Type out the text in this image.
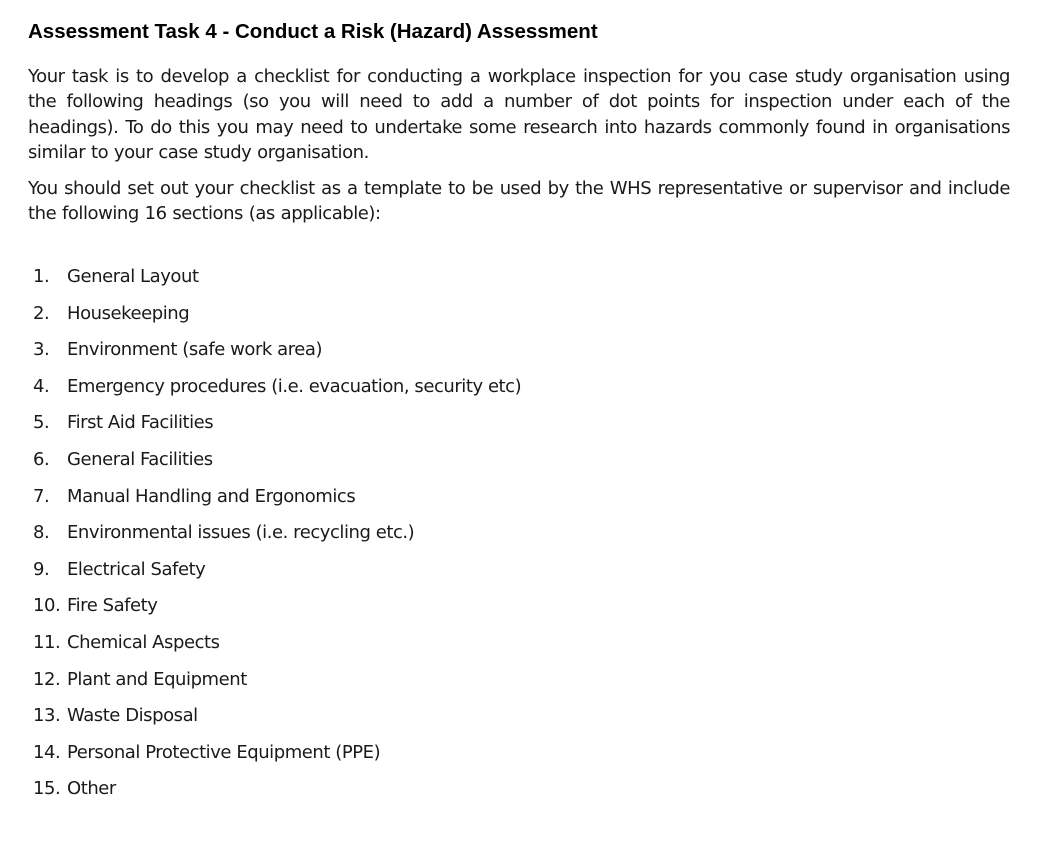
Assessment Task 4 - Conduct a Risk (Hazard) Assessment

Your task is to develop a checklist for conducting a workplace inspection for you case study organisation using the following headings (so you will need to add a number of dot points for inspection under each of the headings). To do this you may need to undertake some research into hazards commonly found in organisations similar to your case study organisation.

You should set out your checklist as a template to be used by the WHS representative or supervisor and include the following 16 sections (as applicable):

1. General Layout
2. Housekeeping
3. Environment (safe work area)
4. Emergency procedures (i.e. evacuation, security etc)
5. First Aid Facilities
6. General Facilities
7. Manual Handling and Ergonomics
8. Environmental issues (i.e. recycling etc.)
9. Electrical Safety
10. Fire Safety
11. Chemical Aspects
12. Plant and Equipment
13. Waste Disposal
14. Personal Protective Equipment (PPE)
15. Other
